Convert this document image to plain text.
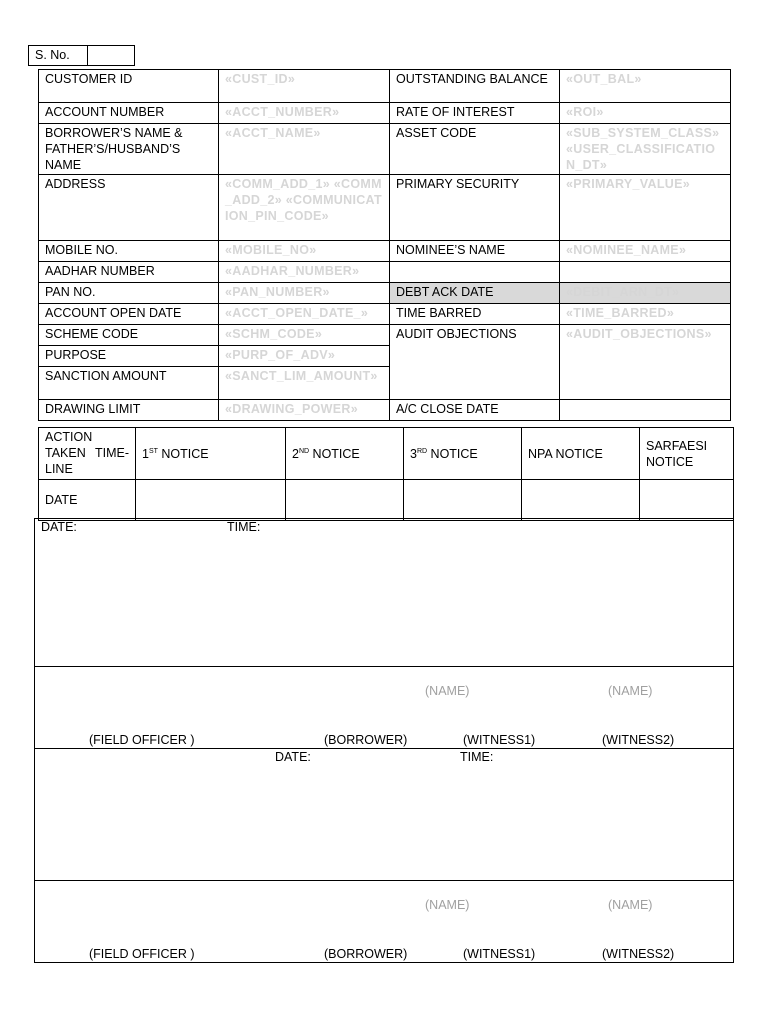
S. No.
CUSTOMER ID	«CUST_ID»	OUTSTANDING BALANCE	«OUT_BAL»
ACCOUNT NUMBER	«ACCT_NUMBER»	RATE OF INTEREST	«ROI»
BORROWER’S NAME & FATHER’S/HUSBAND’S NAME	«ACCT_NAME»	ASSET CODE	«SUB_SYSTEM_CLASS» «USER_CLASSIFICATION_DT»
ADDRESS	«COMM_ADD_1» «COMM_ADD_2» «COMMUNICATION_PIN_CODE»	PRIMARY SECURITY	«PRIMARY_VALUE»
MOBILE NO.	«MOBILE_NO»	NOMINEE’S NAME	«NOMINEE_NAME»
AADHAR NUMBER	«AADHAR_NUMBER»		
PAN NO.	«PAN_NUMBER»	DEBT ACK DATE	«DEBIT_ARN_DT»
ACCOUNT OPEN DATE	«ACCT_OPEN_DATE_»	TIME BARRED	«TIME_BARRED»
SCHEME CODE	«SCHM_CODE»	AUDIT OBJECTIONS	«AUDIT_OBJECTIONS»
PURPOSE	«PURP_OF_ADV»		
SANCTION AMOUNT	«SANCT_LIM_AMOUNT»		
DRAWING LIMIT	«DRAWING_POWER»	A/C CLOSE DATE	
ACTION TAKEN TIME-LINE	1ST NOTICE	2ND NOTICE	3RD NOTICE	NPA NOTICE	SARFAESI NOTICE
DATE					
DATE:	TIME:
(NAME)	(NAME)
(FIELD OFFICER )	(BORROWER)	(WITNESS1)	(WITNESS2)
DATE:	TIME:
(NAME)	(NAME)
(FIELD OFFICER )	(BORROWER)	(WITNESS1)	(WITNESS2)
